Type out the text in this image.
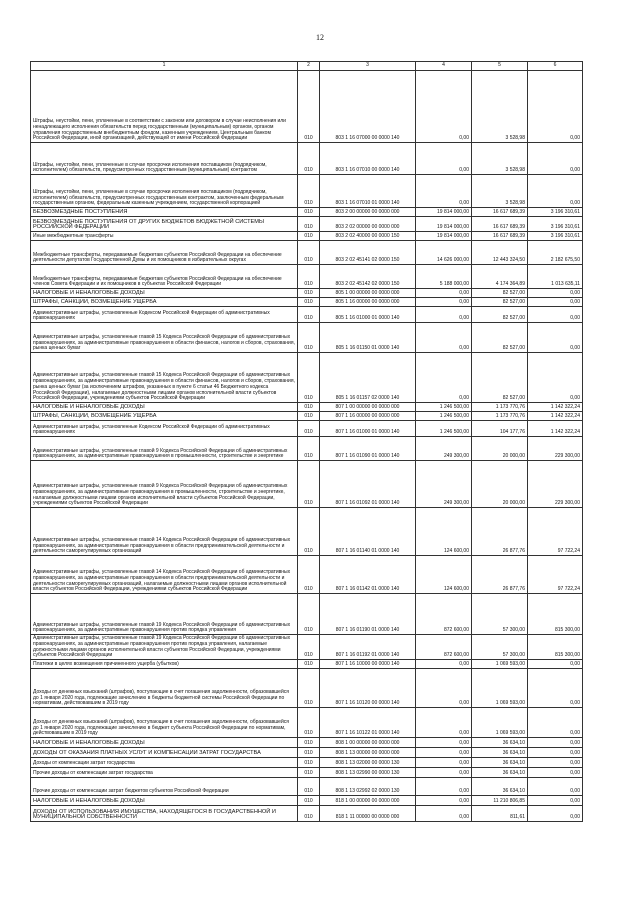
12
1	2	3	4	5	6
Штрафы, неустойки, пени, уплаченные в соответствии с законом или договором в случае неисполнения или ненадлежащего исполнения обязательств перед государственным (муниципальным) органом, органом управления государственным внебюджетным фондом, казенным учреждением, Центральным банком Российской Федерации, иной организацией, действующей от имени Российской Федерации	010	803 1 16 07000 00 0000 140	0,00	3 528,98	0,00
Штрафы, неустойки, пени, уплаченные в случае просрочки исполнения поставщиком (подрядчиком, исполнителем) обязательств, предусмотренных государственным (муниципальным) контрактом	010	803 1 16 07010 00 0000 140	0,00	3 528,98	0,00
Штрафы, неустойки, пени, уплаченные в случае просрочки исполнения поставщиком (подрядчиком, исполнителем) обязательств, предусмотренных государственным контрактом, заключенным федеральным государственным органом, федеральным казенным учреждением, государственной корпорацией	010	803 1 16 07010 01 0000 140	0,00	3 528,98	0,00
БЕЗВОЗМЕЗДНЫЕ ПОСТУПЛЕНИЯ	010	803 2 00 00000 00 0000 000	19 814 000,00	16 617 689,39	3 196 310,61
БЕЗВОЗМЕЗДНЫЕ ПОСТУПЛЕНИЯ ОТ ДРУГИХ БЮДЖЕТОВ БЮДЖЕТНОЙ СИСТЕМЫ РОССИЙСКОЙ ФЕДЕРАЦИИ	010	803 2 02 00000 00 0000 000	19 814 000,00	16 617 689,39	3 196 310,61
Иные межбюджетные трансферты	010	803 2 02 40000 00 0000 150	19 814 000,00	16 617 689,39	3 196 310,61
Межбюджетные трансферты, передаваемые бюджетам субъектов Российской Федерации на обеспечение деятельности депутатов Государственной Думы и их помощников в избирательных округах	010	803 2 02 45141 02 0000 150	14 626 000,00	12 443 324,50	2 182 675,50
Межбюджетные трансферты, передаваемые бюджетам субъектов Российской Федерации на обеспечение членов Совета Федерации и их помощников в субъектах Российской Федерации	010	803 2 02 45142 02 0000 150	5 188 000,00	4 174 364,89	1 013 635,11
НАЛОГОВЫЕ И НЕНАЛОГОВЫЕ ДОХОДЫ	010	805 1 00 00000 00 0000 000	0,00	82 527,00	0,00
ШТРАФЫ, САНКЦИИ, ВОЗМЕЩЕНИЕ УЩЕРБА	010	805 1 16 00000 00 0000 000	0,00	82 527,00	0,00
Административные штрафы, установленные Кодексом Российской Федерации об административных правонарушениях	010	805 1 16 01000 01 0000 140	0,00	82 527,00	0,00
Административные штрафы, установленные главой 15 Кодекса Российской Федерации об административных правонарушениях, за административные правонарушения в области финансов, налогов и сборов, страхования, рынка ценных бумаг	010	805 1 16 01150 01 0000 140	0,00	82 527,00	0,00
Административные штрафы, установленные главой 15 Кодекса Российской Федерации об административных правонарушениях, за административные правонарушения в области финансов, налогов и сборов, страхования, рынка ценных бумаг (за исключением штрафов, указанных в пункте 6 статьи 46 Бюджетного кодекса Российской Федерации), налагаемые должностными лицами органов исполнительной власти субъектов Российской Федерации, учреждениями субъектов Российской Федерации	010	805 1 16 01157 02 0000 140	0,00	82 527,00	0,00
НАЛОГОВЫЕ И НЕНАЛОГОВЫЕ ДОХОДЫ	010	807 1 00 00000 00 0000 000	1 246 500,00	1 173 770,76	1 142 322,24
ШТРАФЫ, САНКЦИИ, ВОЗМЕЩЕНИЕ УЩЕРБА	010	807 1 16 00000 00 0000 000	1 246 500,00	1 173 770,76	1 142 322,24
Административные штрафы, установленные Кодексом Российской Федерации об административных правонарушениях	010	807 1 16 01000 01 0000 140	1 246 500,00	104 177,76	1 142 322,24
Административные штрафы, установленные главой 9 Кодекса Российской Федерации об административных правонарушениях, за административные правонарушения в промышленности, строительстве и энергетике	010	807 1 16 01090 01 0000 140	249 300,00	20 000,00	229 300,00
Административные штрафы, установленные главой 9 Кодекса Российской Федерации об административных правонарушениях, за административные правонарушения в промышленности, строительстве и энергетике, налагаемые должностными лицами органов исполнительной власти субъектов Российской Федерации, учреждениями субъектов Российской Федерации	010	807 1 16 01092 01 0000 140	249 300,00	20 000,00	229 300,00
Административные штрафы, установленные главой 14 Кодекса Российской Федерации об административных правонарушениях, за административные правонарушения в области предпринимательской деятельности и деятельности саморегулируемых организаций	010	807 1 16 01140 01 0000 140	124 600,00	26 877,76	97 722,24
Административные штрафы, установленные главой 14 Кодекса Российской Федерации об административных правонарушениях, за административные правонарушения в области предпринимательской деятельности и деятельности саморегулируемых организаций, налагаемые должностными лицами органов исполнительной власти субъектов Российской Федерации, учреждениями субъектов Российской Федерации	010	807 1 16 01142 01 0000 140	124 600,00	26 877,76	97 722,24
Административные штрафы, установленные главой 19 Кодекса Российской Федерации об административных правонарушениях, за административные правонарушения против порядка управления	010	807 1 16 01190 01 0000 140	872 600,00	57 300,00	815 300,00
Административные штрафы, установленные главой 19 Кодекса Российской Федерации об административных правонарушениях, за административные правонарушения против порядка управления, налагаемые должностными лицами органов исполнительной власти субъектов Российской Федерации, учреждениями субъектов Российской Федерации	010	807 1 16 01192 01 0000 140	872 600,00	57 300,00	815 300,00
Платежи в целях возмещения причиненного ущерба (убытков)	010	807 1 16 10000 00 0000 140	0,00	1 069 593,00	0,00
Доходы от денежных взысканий (штрафов), поступающие в счет погашения задолженности, образовавшейся до 1 января 2020 года, подлежащие зачислению в бюджеты бюджетной системы Российской Федерации по нормативам, действовавшим в 2019 году	010	807 1 16 10120 00 0000 140	0,00	1 069 593,00	0,00
Доходы от денежных взысканий (штрафов), поступающие в счет погашения задолженности, образовавшейся до 1 января 2020 года, подлежащие зачислению в бюджет субъекта Российской Федерации по нормативам, действовавшим в 2019 году	010	807 1 16 10122 01 0000 140	0,00	1 069 593,00	0,00
НАЛОГОВЫЕ И НЕНАЛОГОВЫЕ ДОХОДЫ	010	808 1 00 00000 00 0000 000	0,00	36 634,10	0,00
ДОХОДЫ ОТ ОКАЗАНИЯ ПЛАТНЫХ УСЛУГ И КОМПЕНСАЦИИ ЗАТРАТ ГОСУДАРСТВА	010	808 1 13 00000 00 0000 000	0,00	36 634,10	0,00
Доходы от компенсации затрат государства	010	808 1 13 02000 00 0000 130	0,00	36 634,10	0,00
Прочие доходы от компенсации затрат государства	010	808 1 13 02990 00 0000 130	0,00	36 634,10	0,00
Прочие доходы от компенсации затрат бюджетов субъектов Российской Федерации	010	808 1 13 02992 02 0000 130	0,00	36 634,10	0,00
НАЛОГОВЫЕ И НЕНАЛОГОВЫЕ ДОХОДЫ	010	818 1 00 00000 00 0000 000	0,00	11 210 806,85	0,00
ДОХОДЫ ОТ ИСПОЛЬЗОВАНИЯ ИМУЩЕСТВА, НАХОДЯЩЕГОСЯ В ГОСУДАРСТВЕННОЙ И МУНИЦИПАЛЬНОЙ СОБСТВЕННОСТИ	010	818 1 11 00000 00 0000 000	0,00	811,61	0,00
